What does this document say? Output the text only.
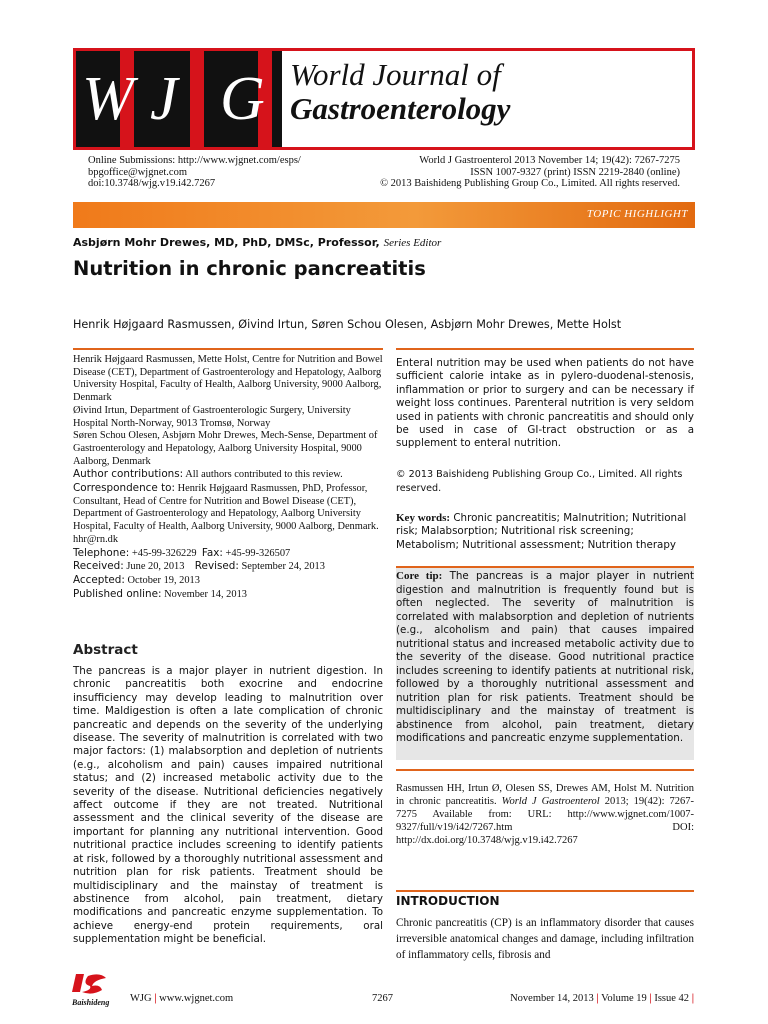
W J G World Journal of
Gastroenterology
Online Submissions: http://www.wjgnet.com/esps/
bpgoffice@wjgnet.com
doi:10.3748/wjg.v19.i42.7267
World J Gastroenterol 2013 November 14; 19(42): 7267-7275
ISSN 1007-9327 (print) ISSN 2219-2840 (online)
© 2013 Baishideng Publishing Group Co., Limited. All rights reserved.
TOPIC HIGHLIGHT
Asbjørn Mohr Drewes, MD, PhD, DMSc, Professor, Series Editor
Nutrition in chronic pancreatitis
Henrik Højgaard Rasmussen, Øivind Irtun, Søren Schou Olesen, Asbjørn Mohr Drewes, Mette Holst

Henrik Højgaard Rasmussen, Mette Holst, Centre for Nutrition and Bowel Disease (CET), Department of Gastroenterology and Hepatology, Aalborg University Hospital, Faculty of Health, Aalborg University, 9000 Aalborg, Denmark

Øivind Irtun, Department of Gastroenterologic Surgery, University Hospital North-Norway, 9013 Tromsø, Norway

Søren Schou Olesen, Asbjørn Mohr Drewes, Mech-Sense, Department of Gastroenterology and Hepatology, Aalborg University Hospital, 9000 Aalborg, Denmark

Author contributions: All authors contributed to this review.

Correspondence to: Henrik Højgaard Rasmussen, PhD, Professor, Consultant, Head of Centre for Nutrition and Bowel Disease (CET), Department of Gastroenterology and Hepatology, Aalborg University Hospital, Faculty of Health, Aalborg University, 9000 Aalborg, Denmark. hhr@rn.dk

Telephone: +45-99-326229 Fax: +45-99-326507

Received: June 20, 2013 Revised: September 24, 2013

Accepted: October 19, 2013

Published online: November 14, 2013

Abstract
The pancreas is a major player in nutrient digestion. In chronic pancreatitis both exocrine and endocrine insufficiency may develop leading to malnutrition over time. Maldigestion is often a late complication of chronic pancreatic and depends on the severity of the underlying disease. The severity of malnutrition is correlated with two major factors: (1) malabsorption and depletion of nutrients (e.g., alcoholism and pain) causes impaired nutritional status; and (2) increased metabolic activity due to the severity of the disease. Nutritional deficiencies negatively affect outcome if they are not treated. Nutritional assessment and the clinical severity of the disease are important for planning any nutritional intervention. Good nutritional practice includes screening to identify patients at risk, followed by a thoroughly nutritional assessment and nutrition plan for risk patients. Treatment should be multidisciplinary and the mainstay of treatment is abstinence from alcohol, pain treatment, dietary modifications and pancreatic enzyme supplementation. To achieve energy-end protein requirements, oral supplementation might be beneficial.
Enteral nutrition may be used when patients do not have sufficient calorie intake as in pylero-duodenal-stenosis, inflammation or prior to surgery and can be necessary if weight loss continues. Parenteral nutrition is very seldom used in patients with chronic pancreatitis and should only be used in case of GI-tract obstruction or as a supplement to enteral nutrition.
© 2013 Baishideng Publishing Group Co., Limited. All rights reserved.
Key words: Chronic pancreatitis; Malnutrition; Nutritional risk; Malabsorption; Nutritional risk screening; Metabolism; Nutritional assessment; Nutrition therapy
Core tip: The pancreas is a major player in nutrient digestion and malnutrition is frequently found but is often neglected. The severity of malnutrition is correlated with malabsorption and depletion of nutrients (e.g., alcoholism and pain) that causes impaired nutritional status and increased metabolic activity due to the severity of the disease. Good nutritional practice includes screening to identify patients at nutritional risk, followed by a thoroughly nutritional assessment and nutrition plan for risk patients. Treatment should be multidisciplinary and the mainstay of treatment is abstinence from alcohol, pain treatment, dietary modifications and pancreatic enzyme supplementation.
Rasmussen HH, Irtun Ø, Olesen SS, Drewes AM, Holst M. Nutrition in chronic pancreatitis. World J Gastroenterol 2013; 19(42): 7267-7275 Available from: URL: http://www.wjgnet.com/1007-9327/full/v19/i42/7267.htm DOI: http://dx.doi.org/10.3748/wjg.v19.i42.7267
INTRODUCTION
Chronic pancreatitis (CP) is an inflammatory disorder that causes irreversible anatomical changes and damage, including infiltration of inflammatory cells, fibrosis and
Baishideng WJG | www.wjgnet.com	7267	November 14, 2013 | Volume 19 | Issue 42 |
